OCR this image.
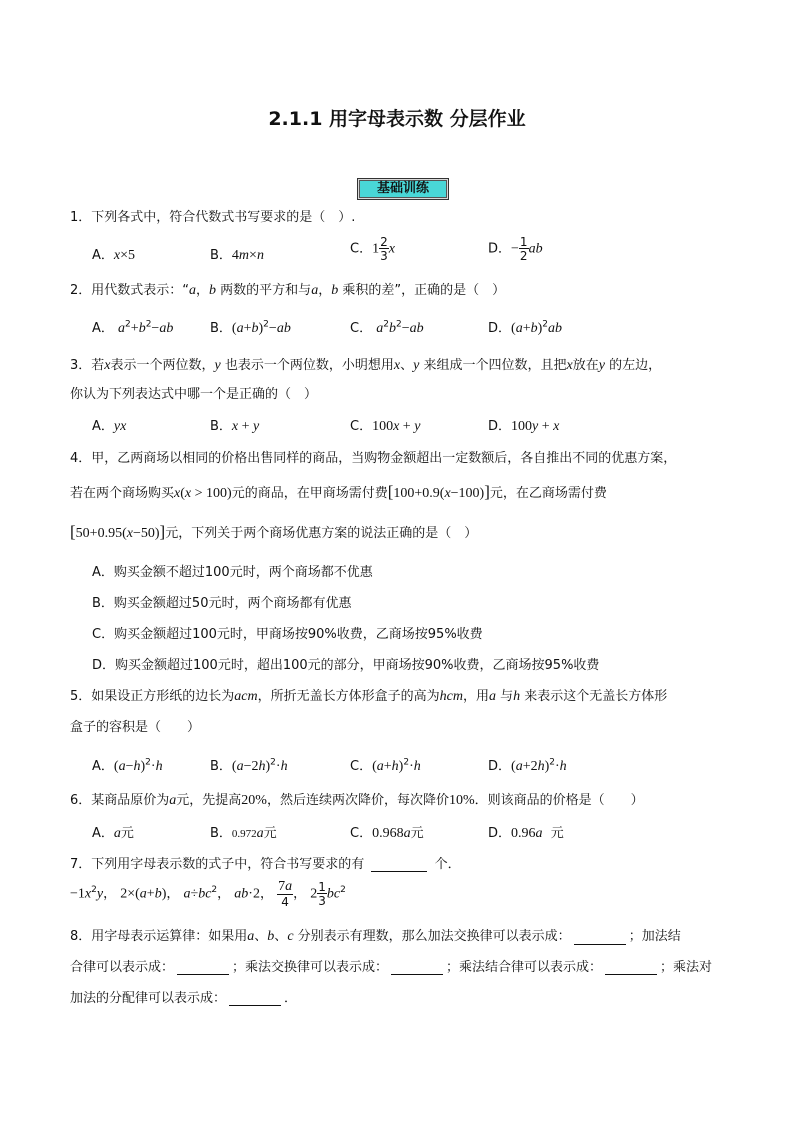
2.1.1 用字母表示数 分层作业
基础训练
1．下列各式中，符合代数式书写要求的是（　）.
A．x×5	B．4m×n	C．$1 \frac{2}{3}$ x	D．− $\frac{1}{2}$ ab
2．用代数式表示：“a，b 两数的平方和与a，b 乘积的差”，正确的是（　）
A． $a^2+b^2-ab$	B．$(a+b)^2-ab$	C． $a^2b^2-ab$	D．$(a+b)^2ab$
3．若x表示一个两位数，y 也表示一个两位数，小明想用x、y 来组成一个四位数，且把x放在y 的左边，
你认为下列表达式中哪一个是正确的（　）
A．yx	B．x + y	C．100x + y	D．100y + x
4．甲，乙两商场以相同的价格出售同样的商品，当购物金额超出一定数额后，各自推出不同的优惠方案，
若在两个商场购买x(x > 100)元的商品，在甲商场需付费[100+0.9(x−100)]元，在乙商场需付费
[50+0.95(x−50)]元，下列关于两个商场优惠方案的说法正确的是（　）
A．购买金额不超过100元时，两个商场都不优惠
B．购买金额超过50元时，两个商场都有优惠
C．购买金额超过100元时，甲商场按90%收费，乙商场按95%收费
D．购买金额超过100元时，超出100元的部分，甲商场按90%收费，乙商场按95%收费
5．如果设正方形纸的边长为acm，所折无盖长方体形盒子的高为hcm，用a 与h 来表示这个无盖长方体形
盒子的容积是（　　）
A．$(a-h)^2\cdot h$	B．$(a-2h)^2\cdot h$	C．$(a+h)^2\cdot h$	D．$(a+2h)^2\cdot h$
6．某商品原价为a元，先提高20%，然后连续两次降价，每次降价10%．则该商品的价格是（　　）
A．a元	B．0.972a元	C．0.968a元	D．0.96a 元
7．下列用字母表示数的式子中，符合书写要求的有	个．
$-1x^2y$， 2×(a+b)， $a\div bc^2$， ab·2， $\frac{7a}{4}$ ， $2 \frac{1}{3} bc^2$
8．用字母表示运算律：如果用a、b、c 分别表示有理数，那么加法交换律可以表示成：	；加法结
合律可以表示成：	；乘法交换律可以表示成：	；乘法结合律可以表示成：	；乘法对
加法的分配律可以表示成：	．
